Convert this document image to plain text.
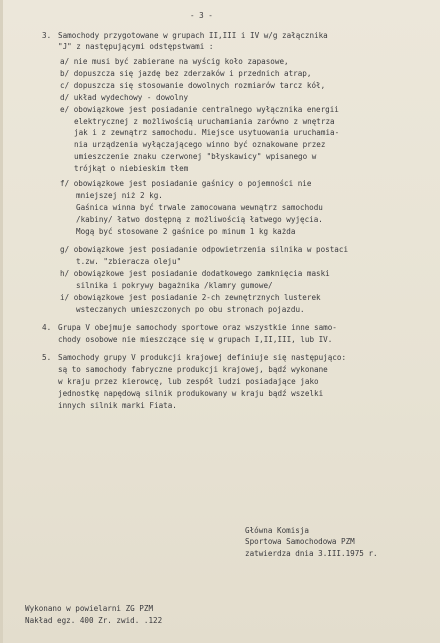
- 3 -
3.
4.
5.
Samochody przygotowane w grupach II,III i IV w/g załącznika
"J" z następującymi odstępstwami :
a/ nie musi być zabierane na wyścig koło zapasowe,
b/ dopuszcza się jazdę bez zderzaków i przednich atrap,
c/ dopuszcza się stosowanie dowolnych rozmiarów tarcz kół,
d/ układ wydechowy - dowolny
e/ obowiązkowe jest posiadanie centralnego wyłącznika energii
elektrycznej z możliwością uruchamiania zarówno z wnętrza
jak i z zewnątrz samochodu. Miejsce usytuowania uruchamia-
nia urządzenia wyłączającego winno być oznakowane przez
umieszczenie znaku czerwonej "błyskawicy" wpisanego w
trójkąt o niebieskim tłem
f/ obowiązkowe jest posiadanie gaśnicy o pojemności nie
mniejszej niż 2 kg.
Gaśnica winna być trwale zamocowana wewnątrz samochodu
/kabiny/ łatwo dostępną z możliwością łatwego wyjęcia.
Mogą być stosowane 2 gaśnice po minum 1 kg każda
g/ obowiązkowe jest posiadanie odpowietrzenia silnika w postaci
t.zw. "zbieracza oleju"
h/ obowiązkowe jest posiadanie dodatkowego zamknięcia maski
silnika i pokrywy bagażnika /klamry gumowe/
i/ obowiązkowe jest posiadanie 2-ch zewnętrznych lusterek
wsteczanych umieszczonych po obu stronach pojazdu.
Grupa V obejmuje samochody sportowe oraz wszystkie inne samo-
chody osobowe nie mieszczące się w grupach I,II,III, lub IV.
Samochody grupy V produkcji krajowej definiuje się następująco:
są to samochody fabryczne produkcji krajowej, bądź wykonane
w kraju przez kierowcę, lub zespół ludzi posiadające jako
jednostkę napędową silnik produkowany w kraju bądź wszelki
innych silnik marki Fiata.
Główna Komisja
Sportowa Samochodowa PZM
zatwierdza dnia 3.III.1975 r.
Wykonano w powielarni ZG PZM
Nakład egz. 400 Zr. zwid. .122
